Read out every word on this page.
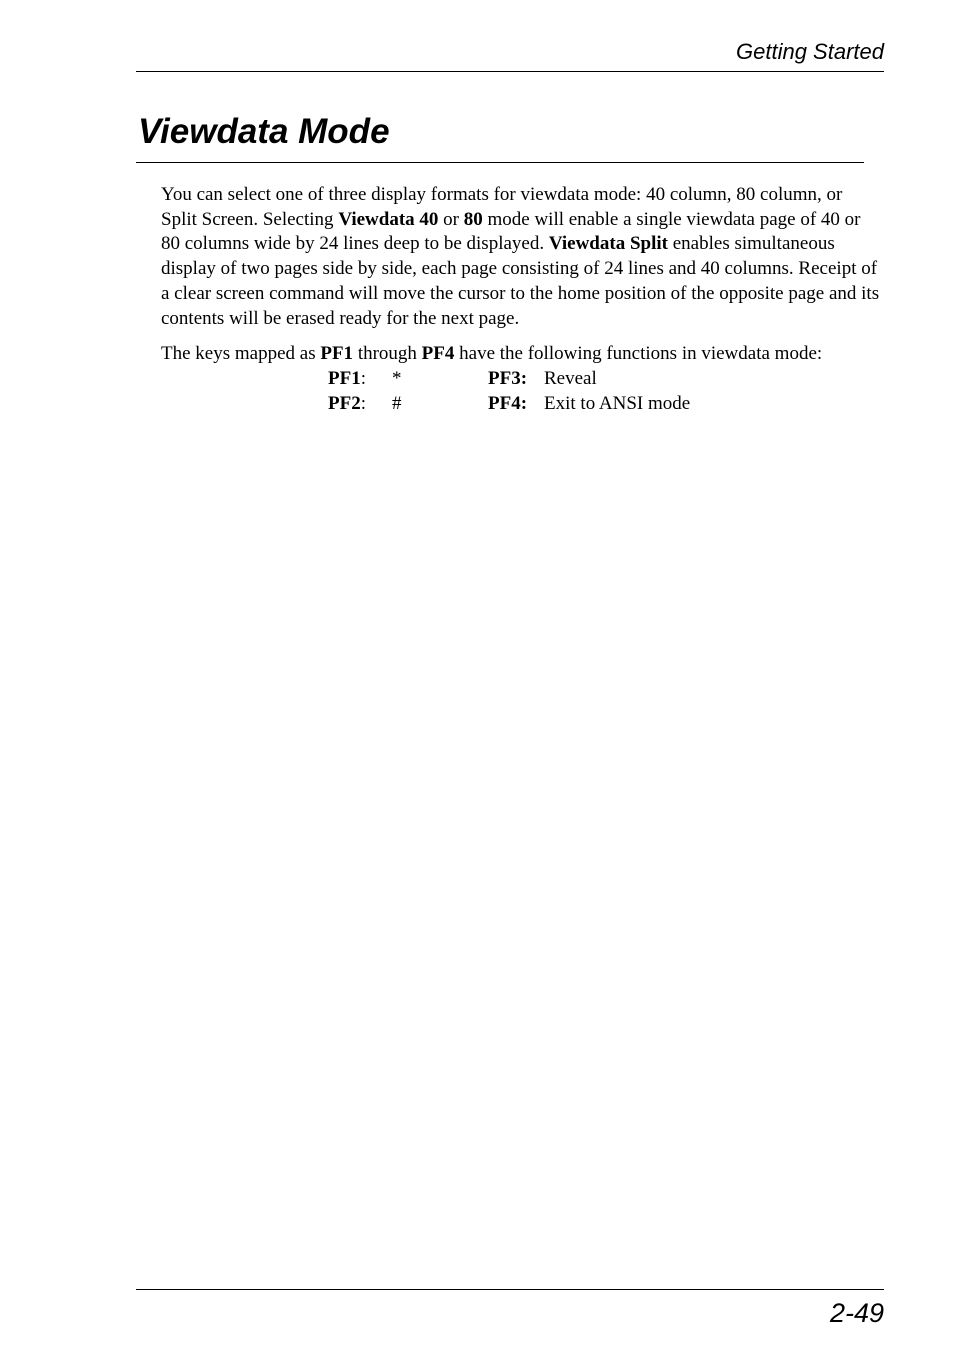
Getting Started
Viewdata Mode

You can select one of three display formats for viewdata mode: 40 column, 80 column, or Split Screen. Selecting Viewdata 40 or 80 mode will enable a single viewdata page of 40 or 80 columns wide by 24 lines deep to be displayed. Viewdata Split enables simultaneous display of two pages side by side, each page consisting of 24 lines and 40 columns. Receipt of a clear screen command will move the cursor to the home position of the opposite page and its contents will be erased ready for the next page.

The keys mapped as PF1 through PF4 have the following functions in viewdata mode:

PF1:	*	PF3:	Reveal
PF2:	#	PF4:	Exit to ANSI mode
2-49
